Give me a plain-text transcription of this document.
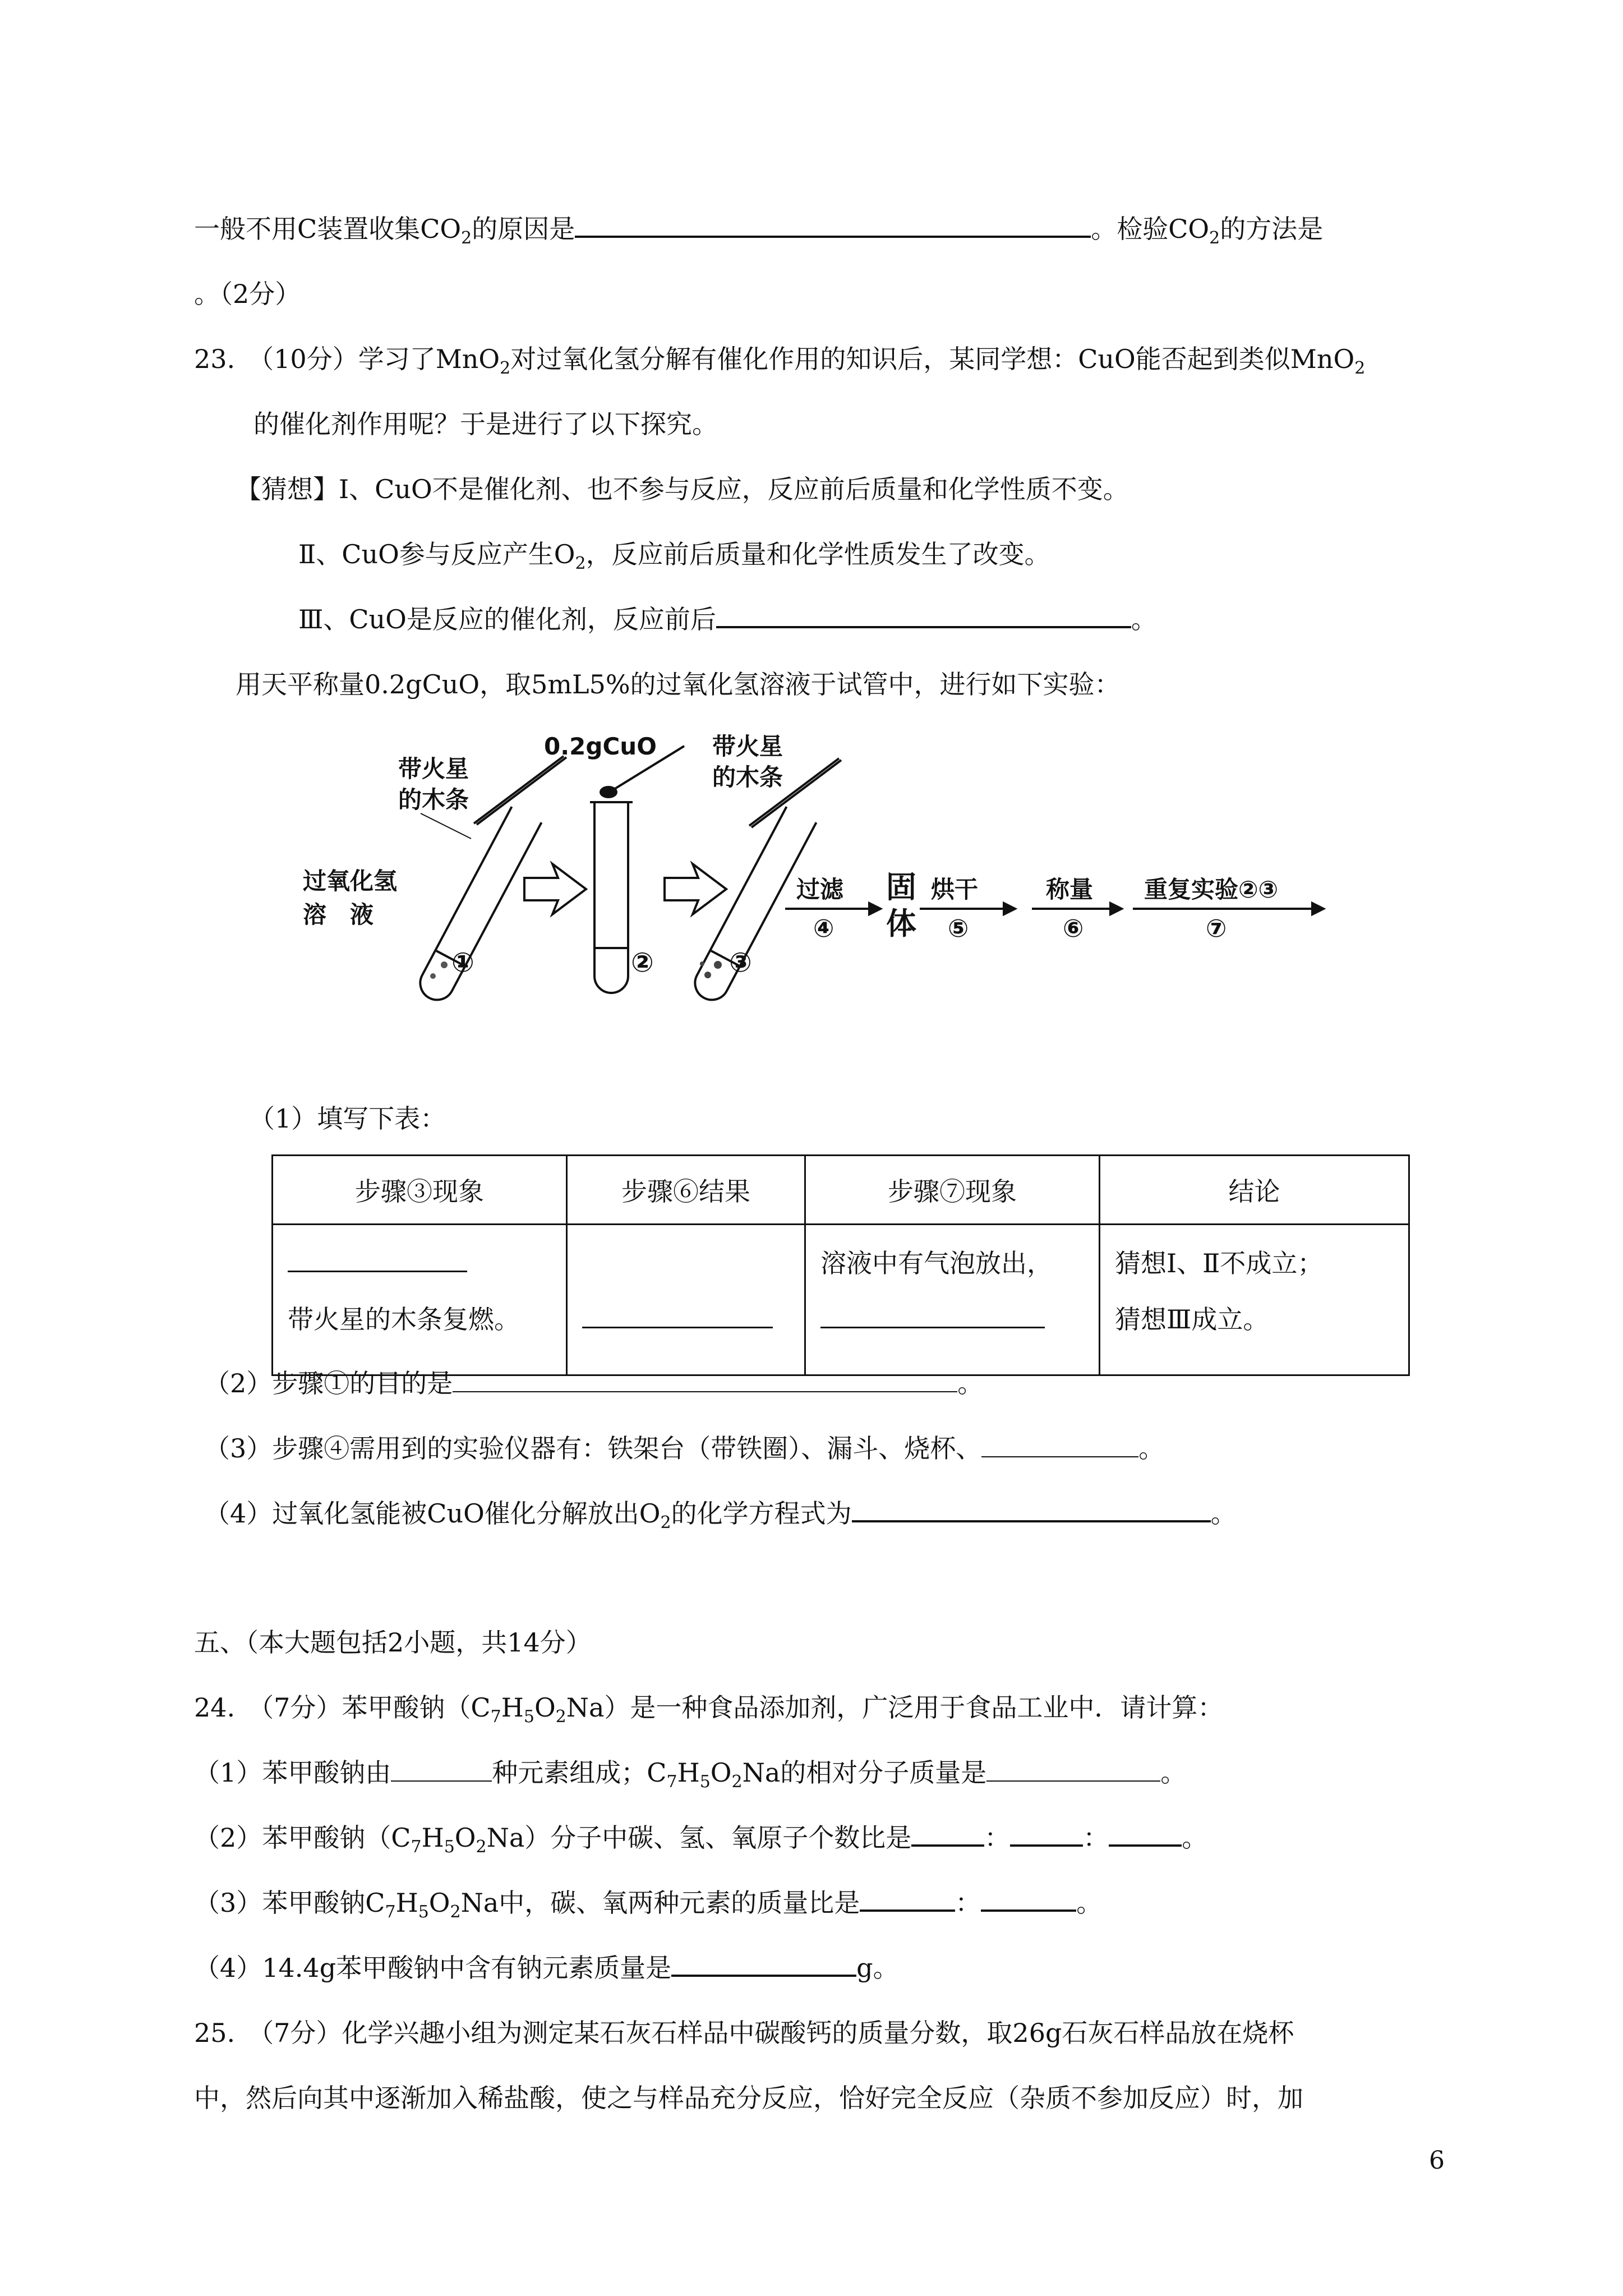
一般不用C装置收集$CO_2$的原因是	。检验$CO_2$的方法是
。（2分）
23.　（10分）学习了MnO$_2$对过氧化氢分解有催化作用的知识后，某同学想：CuO能否起到类似MnO$_2$
的催化剂作用呢？于是进行了以下探究。
【猜想】Ⅰ、CuO不是催化剂、也不参与反应，反应前后质量和化学性质不变。
Ⅱ、CuO参与反应产生$O_2$，反应前后质量和化学性质发生了改变。
Ⅲ、CuO是反应的催化剂，反应前后	。
用天平称量0.2gCuO，取5mL5%的过氧化氢溶液于试管中，进行如下实验：
带火星
的木条
过氧化氢
溶　液
0.2gCuO 带火星
的木条
①	②	③
过滤
④
固
体
烘干
⑤
称量
⑥
重复实验②③
⑦
（1）填写下表：
步骤③现象	步骤⑥结果	步骤⑦现象	结论

带火星的木条复燃。		溶液中有气泡放出，	猜想Ⅰ、Ⅱ不成立；
猜想Ⅲ成立。
（2）步骤①的目的是	。
（3）步骤④需用到的实验仪器有：铁架台（带铁圈）、漏斗、烧杯、	。
（4）过氧化氢能被CuO催化分解放出$O_2$的化学方程式为	。
五、（本大题包括2小题，共14分）
24.　（7分）苯甲酸钠$(C_7H_5O_2Na)$是一种食品添加剂，广泛用于食品工业中．请计算：
（1）苯甲酸钠由	种元素组成；$C_7H_5O_2Na$的相对分子质量是	。
（2）苯甲酸钠$(C_7H_5O_2Na)$分子中碳、氢、氧原子个数比是	：	：	。
（3）苯甲酸钠$C_7H_5O_2Na$中，碳、氧两种元素的质量比是	：	。
（4）14.4g苯甲酸钠中含有钠元素质量是	g。
25.　（7分）化学兴趣小组为测定某石灰石样品中碳酸钙的质量分数，取26g石灰石样品放在烧杯
中，然后向其中逐渐加入稀盐酸，使之与样品充分反应，恰好完全反应（杂质不参加反应）时，加
6
